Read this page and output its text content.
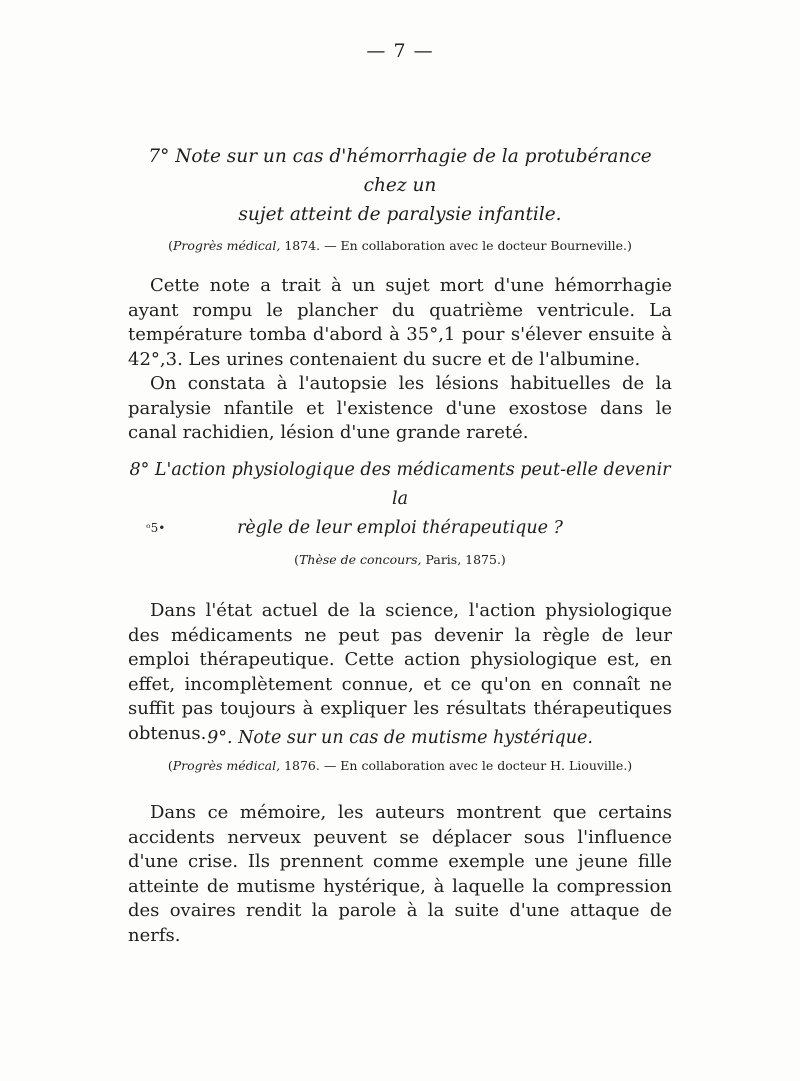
— 7 —

7° Note sur un cas d'hémorrhagie de la protubérance chez un
sujet atteint de paralysie infantile.

(Progrès médical, 1874. — En collaboration avec le docteur Bourneville.)

Cette note a trait à un sujet mort d'une hémorrhagie ayant rompu le plancher du quatrième ventricule. La température tomba d'abord à 35°,1 pour s'élever ensuite à 42°,3. Les urines contenaient du sucre et de l'albumine.

On constata à l'autopsie les lésions habituelles de la paralysie nfantile et l'existence d'une exostose dans le canal rachidien, lésion d'une grande rareté.

8° L'action physiologique des médicaments peut-elle devenir la
règle de leur emploi thérapeutique ?

(Thèse de concours, Paris, 1875.)

Dans l'état actuel de la science, l'action physiologique des médicaments ne peut pas devenir la règle de leur emploi thérapeutique. Cette action physiologique est, en effet, incomplètement connue, et ce qu'on en connaît ne suffit pas toujours à expliquer les résultats thérapeutiques obtenus.

ᵒ5•

9°. Note sur un cas de mutisme hystérique.

(Progrès médical, 1876. — En collaboration avec le docteur H. Liouville.)

Dans ce mémoire, les auteurs montrent que certains accidents nerveux peuvent se déplacer sous l'influence d'une crise. Ils prennent comme exemple une jeune fille atteinte de mutisme hystérique, à laquelle la compression des ovaires rendit la parole à la suite d'une attaque de nerfs.
